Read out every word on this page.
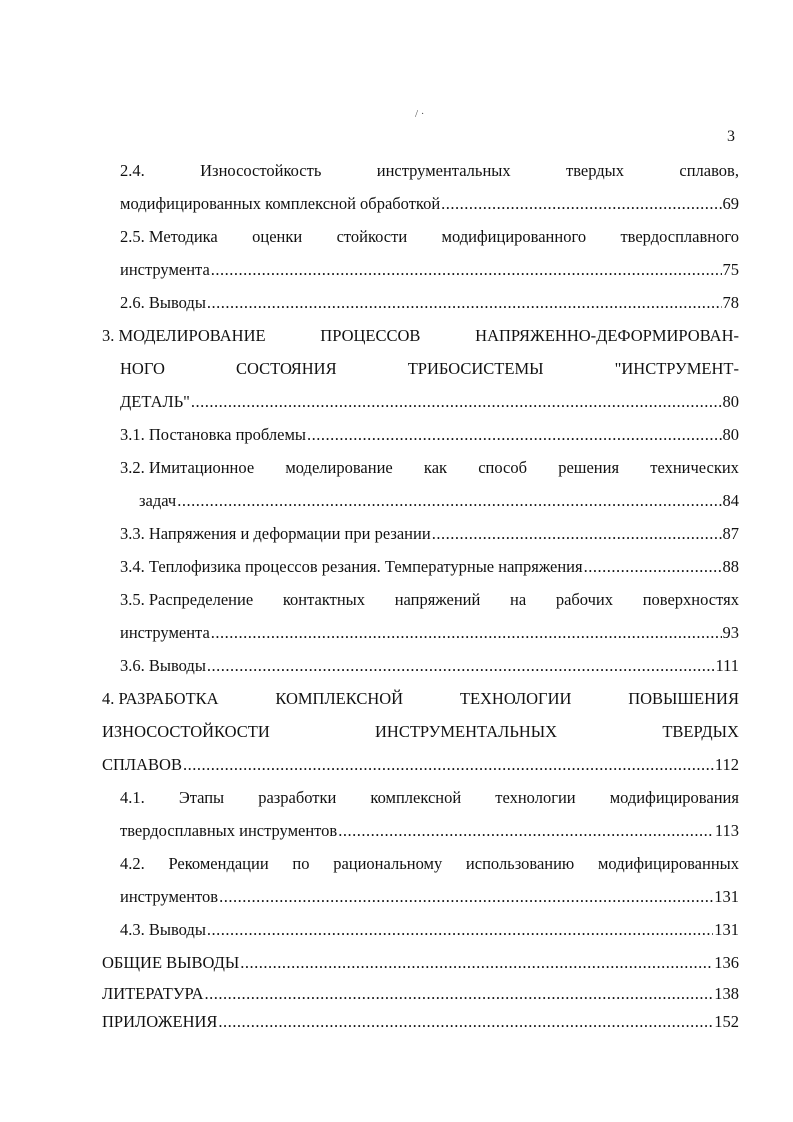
/ ·
3
2.4.	Износостойкость	инструментальных	твердых	сплавов,
модифицированных комплексной обработкой .....	69
2.5. Методика оценки стойкости модифицированного твердосплавного
инструмента .....	75
2.6. Выводы .....	78
3. МОДЕЛИРОВАНИЕ	ПРОЦЕССОВ	НАПРЯЖЕННО-ДЕФОРМИРОВАН-
НОГО	СОСТОЯНИЯ	ТРИБОСИСТЕМЫ	"ИНСТРУМЕНТ-
ДЕТАЛЬ" .....	80
3.1. Постановка проблемы .....	80
3.2. Имитационное моделирование как способ решения технических
задач .....	84
3.3. Напряжения и деформации при резании .....	87
3.4. Теплофизика процессов резания. Температурные напряжения .....	88
3.5. Распределение контактных напряжений на рабочих поверхностях
инструмента .....	93
3.6. Выводы .....	111
4. РАЗРАБОТКА	КОМПЛЕКСНОЙ	ТЕХНОЛОГИИ	ПОВЫШЕНИЯ
ИЗНОСОСТОЙКОСТИ	ИНСТРУМЕНТАЛЬНЫХ	ТВЕРДЫХ
СПЛАВОВ .....	112
4.1. Этапы разработки комплексной технологии модифицирования
твердосплавных инструментов .....	113
4.2. Рекомендации по рациональному использованию модифицированных
инструментов .....	131
4.3. Выводы .....	131
ОБЩИЕ ВЫВОДЫ .....	136
ЛИТЕРАТУРА .....	138
ПРИЛОЖЕНИЯ .....	152
